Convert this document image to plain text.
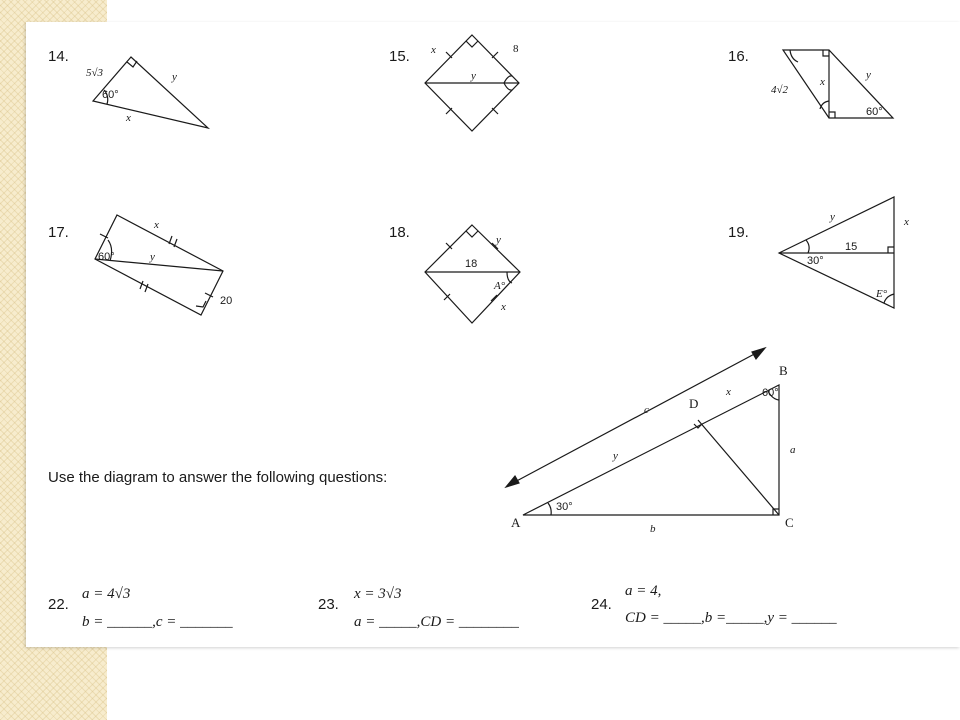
14.
5√3	y
x
60°
15. x	8
y
16.
4√2
x
y
60°
17.	x
y
60°
20
18.	y
18
A°
x
19.
y	x
15
30°
E°
A
B
C
D
c
x
y	a
b
30°
60°
Use the diagram to answer the following questions:
22.
a = 4√3
b = ______,c = _______
23.
x = 3√3
a = _____,CD = ________
24.
a = 4,
CD = _____,b =_____,y = ______
